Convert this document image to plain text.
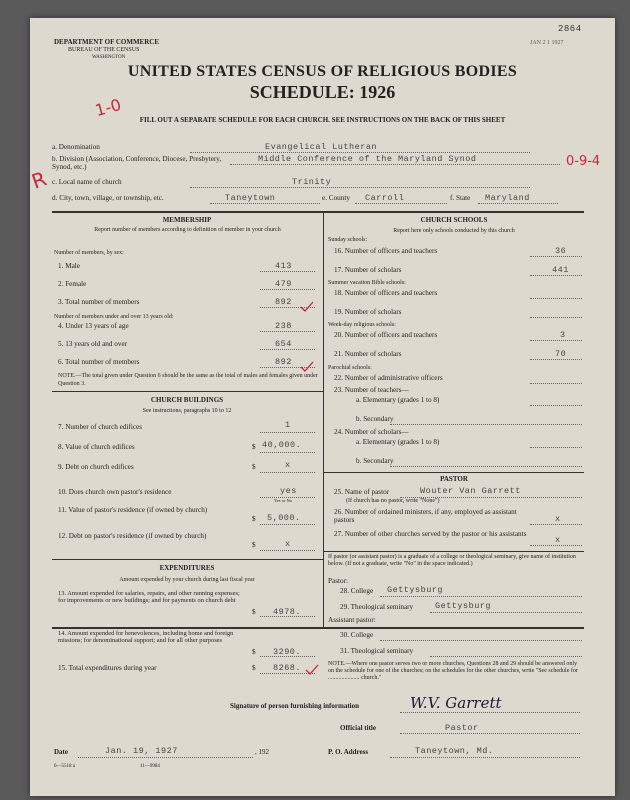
DEPARTMENT OF COMMERCE
BUREAU OF THE CENSUS
WASHINGTON
2864
JAN 2 1 1927
UNITED STATES CENSUS OF RELIGIOUS BODIES
SCHEDULE: 1926
FILL OUT A SEPARATE SCHEDULE FOR EACH CHURCH. SEE INSTRUCTIONS ON THE BACK OF THIS SHEET
1-0
0-9-4
R
a. Denomination	Evangelical Lutheran
b. Division (Association, Conference, Diocese, Presbytery, Synod, etc.)
Middle Conference of the Maryland Synod
c. Local name of church	Trinity
d. City, town, village, or township, etc.	Taneytown	e. County Carroll	f. State Maryland
MEMBERSHIP
Report number of members according to definition of member in your church
Number of members, by sex:
1. Male	413
2. Female	479
3. Total number of members	892
Number of members under and over 13 years old:
4. Under 13 years of age	238
5. 13 years old and over	654
6. Total number of members	892
NOTE.—The total given under Question 6 should be the same as the total of males and females given under Question 3.
CHURCH BUILDINGS
See instructions, paragraphs 10 to 12
7. Number of church edifices	1
8. Value of church edifices	$ 40,000.
9. Debt on church edifices	$	x
10. Does church own pastor's residence	yes
Yes or No
11. Value of pastor's residence (if owned by church)
$ 5,000.
12. Debt on pastor's residence (if owned by church)
$	x
EXPENDITURES
Amount expended by your church during last fiscal year
13. Amount expended for salaries, repairs, and other running expenses; for improvements or new buildings; and for payments on church debt
$ 4978.
14. Amount expended for benevolences, including home and foreign missions; for denominational support; and for all other purposes
$ 3290.
15. Total expenditures during year	$ 8268.
CHURCH SCHOOLS
Report here only schools conducted by this church
Sunday schools:
16. Number of officers and teachers	36
17. Number of scholars	441
Summer vacation Bible schools:
18. Number of officers and teachers
19. Number of scholars
Week-day religious schools:
20. Number of officers and teachers	3
21. Number of scholars	70
Parochial schools:
22. Number of administrative officers
23. Number of teachers—
a. Elementary (grades 1 to 8)
b. Secondary
24. Number of scholars—
a. Elementary (grades 1 to 8)
b. Secondary
PASTOR
25. Name of pastor	Wouter Van Garrett
(If church has no pastor, write "None")
26. Number of ordained ministers, if any, employed as assistant pastors	x
27. Number of other churches served by the pastor or his assistants
x
If pastor (or assistant pastor) is a graduate of a college or theological seminary, give name of institution below. (If not a graduate, write "No" in the space indicated.)
Pastor:
28. College Gettysburg
29. Theological seminary	Gettysburg
Assistant pastor:
30. College
31. Theological seminary
NOTE.—Where one pastor serves two or more churches, Questions 28 and 29 should be answered only on the schedule for one of the churches; on the schedules for the other churches, write "See schedule for ..................... church."
Signature of person furnishing information	W.V. Garrett
Official title	Pastor
Date	Jan. 19, 1927	, 192	P. O. Address	Taneytown, Md.
6—5518 a	11—9984
